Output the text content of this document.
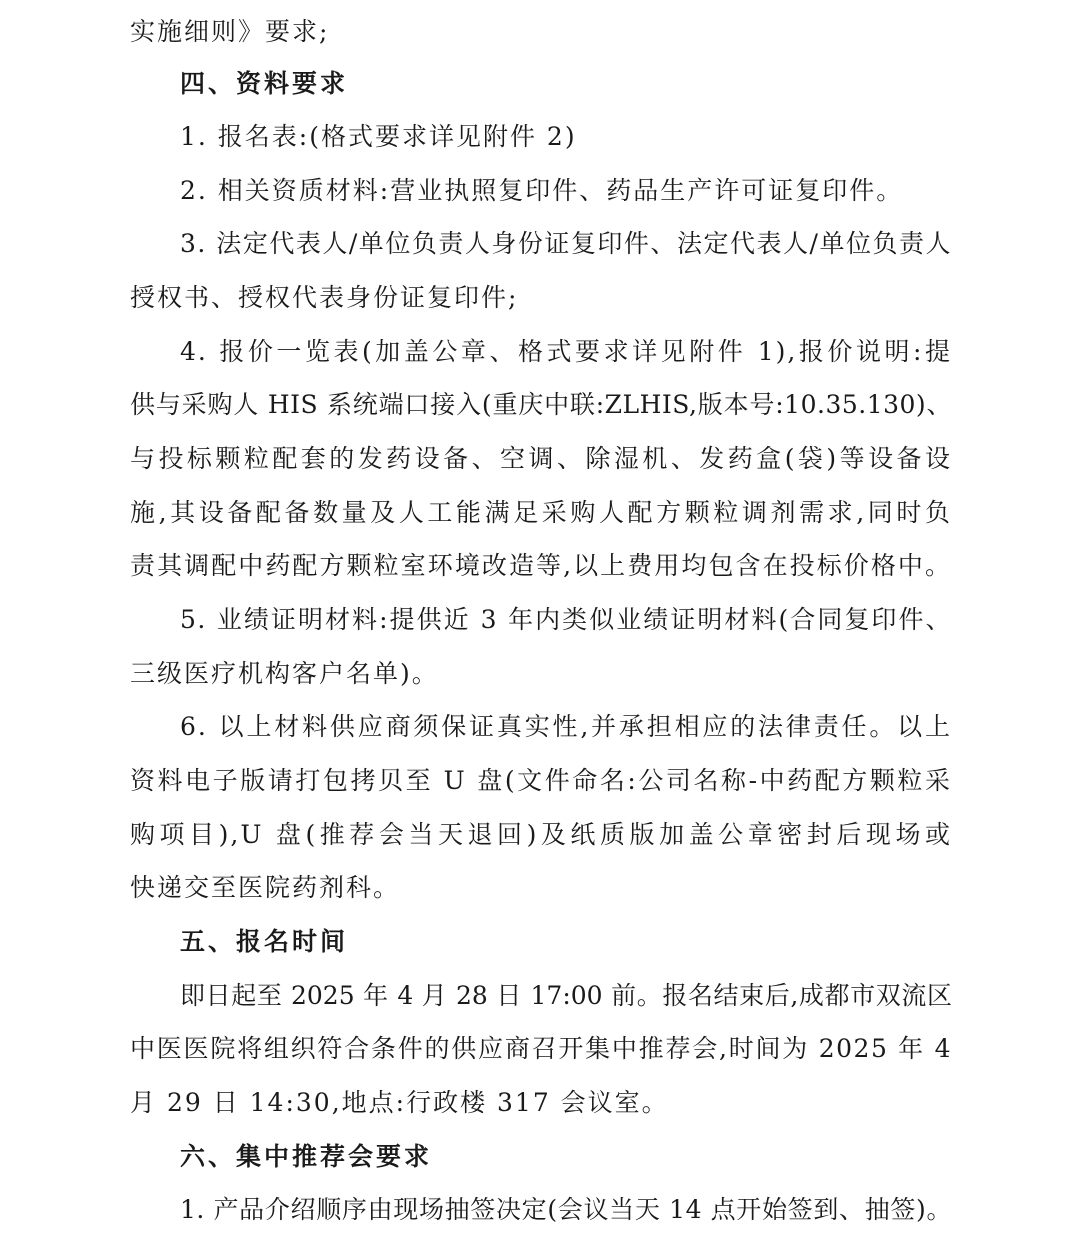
实施细则》要求;
四、资料要求
1. 报名表:(格式要求详见附件 2)
2. 相关资质材料:营业执照复印件、药品生产许可证复印件。
3. 法定代表人/单位负责人身份证复印件、法定代表人/单位负责人
授权书、授权代表身份证复印件;
4. 报价一览表(加盖公章、格式要求详见附件 1),报价说明:提
供与采购人 HIS 系统端口接入(重庆中联:ZLHIS,版本号:10.35.130)、
与投标颗粒配套的发药设备、空调、除湿机、发药盒(袋)等设备设
施,其设备配备数量及人工能满足采购人配方颗粒调剂需求,同时负
责其调配中药配方颗粒室环境改造等,以上费用均包含在投标价格中。
5. 业绩证明材料:提供近 3 年内类似业绩证明材料(合同复印件、
三级医疗机构客户名单)。
6. 以上材料供应商须保证真实性,并承担相应的法律责任。以上
资料电子版请打包拷贝至 U 盘(文件命名:公司名称-中药配方颗粒采
购项目),U 盘(推荐会当天退回)及纸质版加盖公章密封后现场或
快递交至医院药剂科。
五、报名时间
即日起至 2025 年 4 月 28 日 17:00 前。报名结束后,成都市双流区
中医医院将组织符合条件的供应商召开集中推荐会,时间为 2025 年 4
月 29 日 14:30,地点:行政楼 317 会议室。
六、集中推荐会要求
1. 产品介绍顺序由现场抽签决定(会议当天 14 点开始签到、抽签)。
